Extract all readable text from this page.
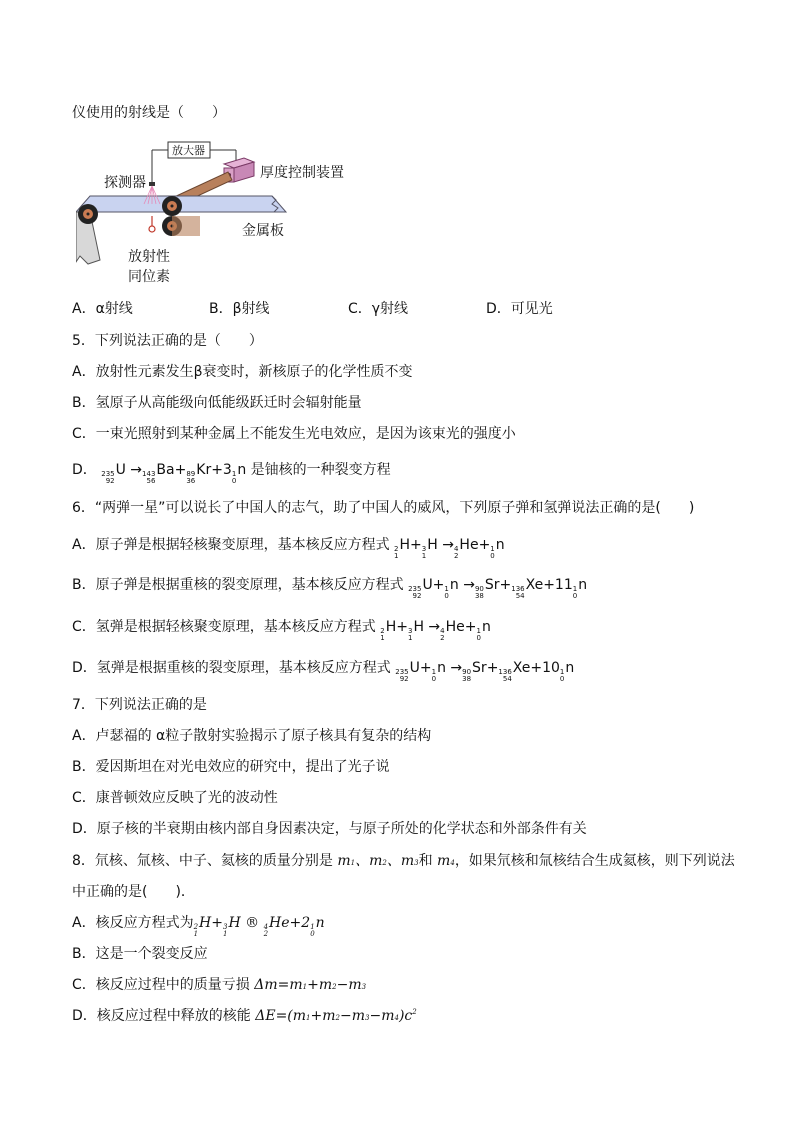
仪使用的射线是（　　）
放大器
探测器
厚度控制装置
金属板
放射性
同位素
A．α射线	B．β射线	C．γ射线	D．可见光
5．下列说法正确的是（　　）
A．放射性元素发生β衰变时，新核原子的化学性质不变
B．氢原子从高能级向低能级跃迁时会辐射能量
C．一束光照射到某种金属上不能发生光电效应，是因为该束光的强度小
D． 235
92
U → 143
56
Ba+ 89
36
Kr+3 1
0
n 是铀核的一种裂变方程
6．“两弹一星”可以说长了中国人的志气，助了中国人的威风，下列原子弹和氢弹说法正确的是(　　)
A．原子弹是根据轻核聚变原理，基本核反应方程式 2
1
H+ 3
1
H → 4
2
He+ 1
0
n
B．原子弹是根据重核的裂变原理，基本核反应方程式 235
92
U+ 1
0
n → 90
38
Sr+ 136
54
Xe+11 1
0
n
C．氢弹是根据轻核聚变原理，基本核反应方程式 2
1
H+ 3
1
H → 4
2
He+ 1
0
n
D．氢弹是根据重核的裂变原理，基本核反应方程式 235
92
U+ 1
0
n → 90
38
Sr+ 136
54
Xe+10 1
0
n
7．下列说法正确的是
A．卢瑟福的 α粒子散射实验揭示了原子核具有复杂的结构
B．爱因斯坦在对光电效应的研究中，提出了光子说
C．康普顿效应反映了光的波动性
D．原子核的半衰期由核内部自身因素决定，与原子所处的化学状态和外部条件有关
8．氘核、氚核、中子、氦核的质量分别是 m1、m2、m3和 m4，如果氘核和氚核结合生成氦核，则下列说法
中正确的是(　　)．
A．核反应方程式为 2
1
H+ 3
1
H ® 4
2
He+2 1
0
n
B．这是一个裂变反应
C．核反应过程中的质量亏损 Δm=m1+m2−m3
D．核反应过程中释放的核能 $\Delta E=(m1+m2-m3-m4)c^2$
